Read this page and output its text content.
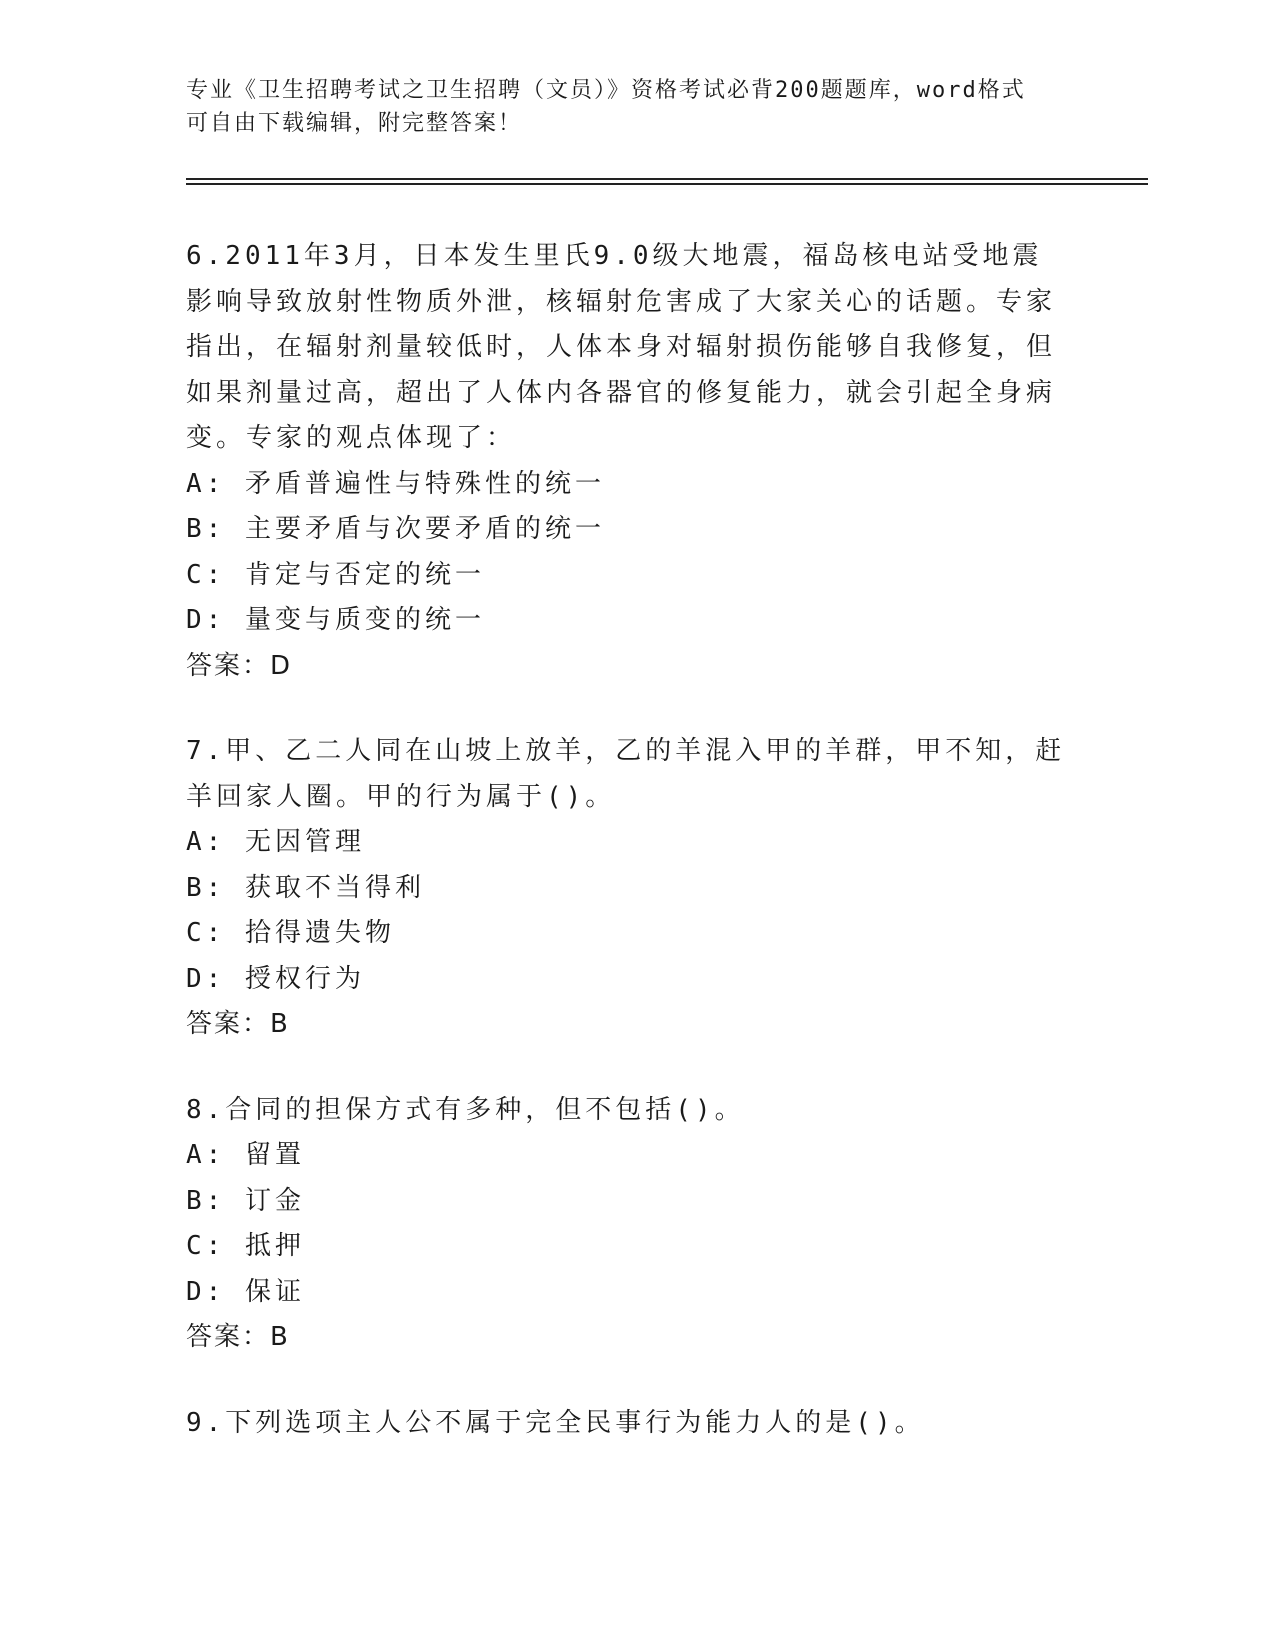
专业《卫生招聘考试之卫生招聘（文员）》资格考试必背200题题库，word格式
可自由下载编辑，附完整答案！
6.2011年3月，日本发生里氏9.0级大地震，福岛核电站受地震影响导致放射性物质外泄，核辐射危害成了大家关心的话题。专家指出，在辐射剂量较低时，人体本身对辐射损伤能够自我修复，但如果剂量过高，超出了人体内各器官的修复能力，就会引起全身病变。专家的观点体现了：
A: 矛盾普遍性与特殊性的统一
B: 主要矛盾与次要矛盾的统一
C: 肯定与否定的统一
D: 量变与质变的统一
答案：D
7.甲、乙二人同在山坡上放羊，乙的羊混入甲的羊群，甲不知，赶羊回家人圈。甲的行为属于()。
A: 无因管理
B: 获取不当得利
C: 拾得遗失物
D: 授权行为
答案：B
8.合同的担保方式有多种，但不包括()。
A: 留置
B: 订金
C: 抵押
D: 保证
答案：B
9.下列选项主人公不属于完全民事行为能力人的是()。
